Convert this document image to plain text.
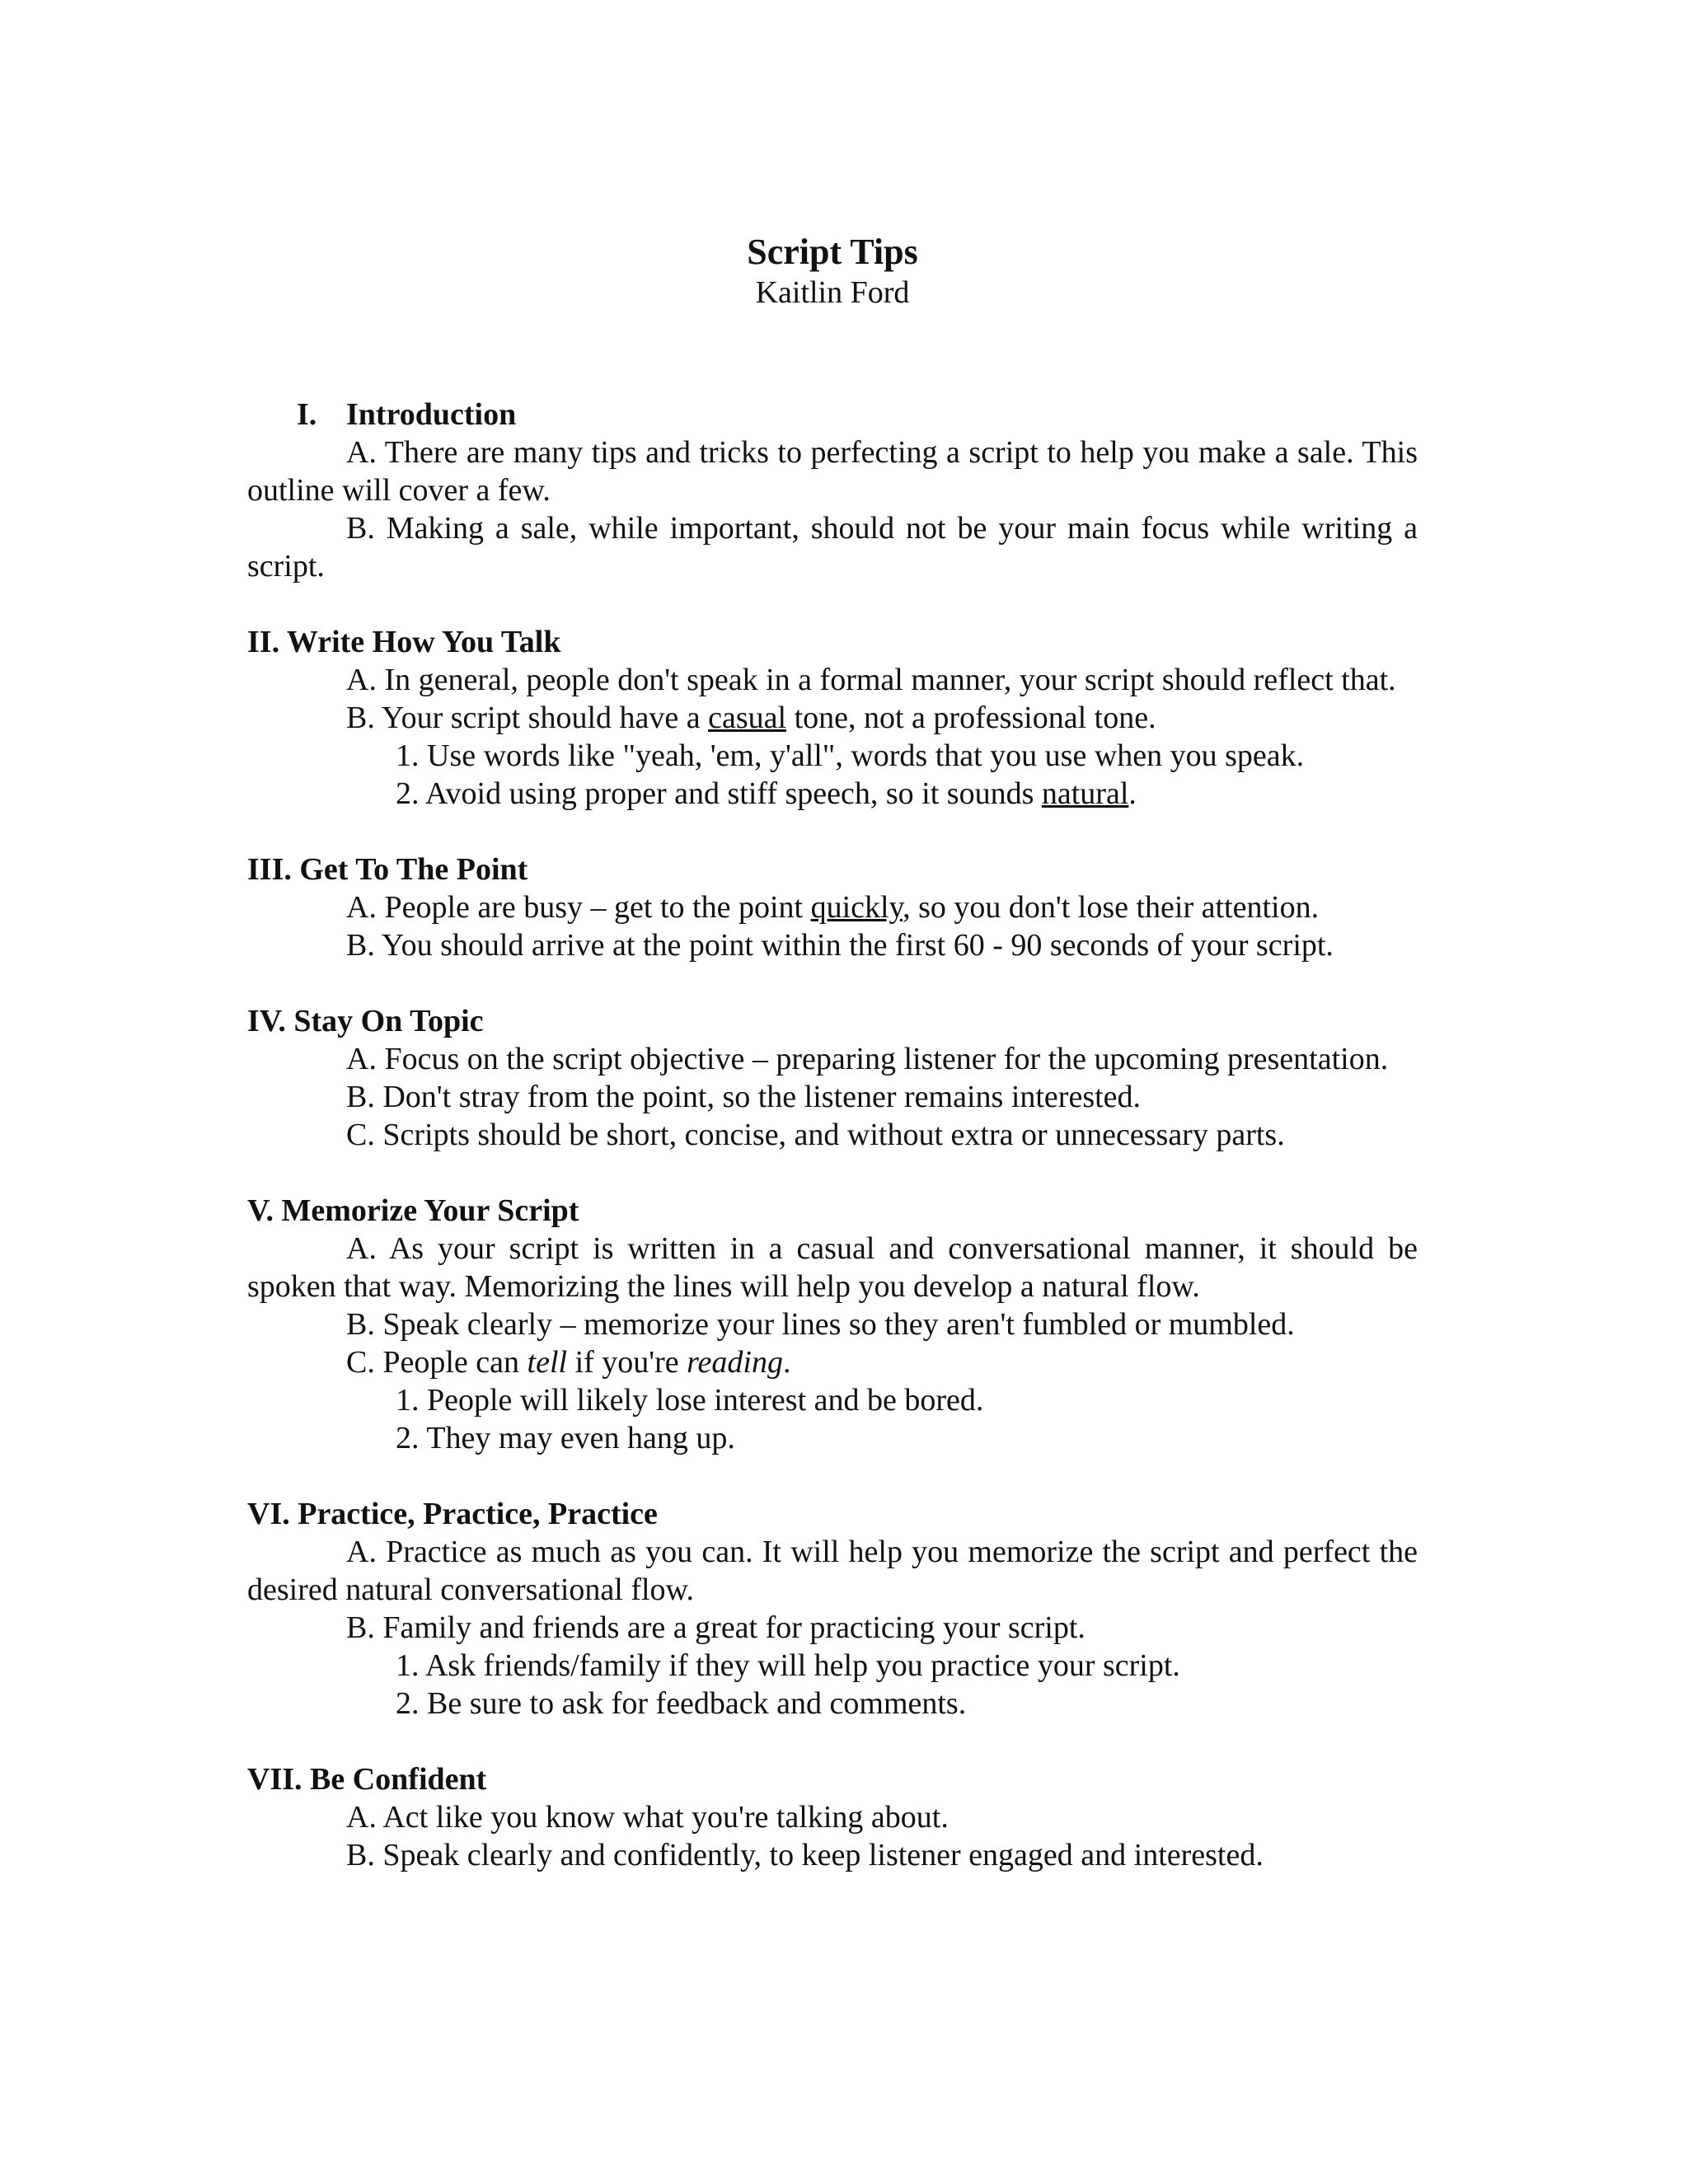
Script Tips
Kaitlin Ford
I. Introduction
A. There are many tips and tricks to perfecting a script to help you make a sale. This outline will cover a few.
B. Making a sale, while important, should not be your main focus while writing a script.
II. Write How You Talk
A. In general, people don't speak in a formal manner, your script should reflect that.
B. Your script should have a casual tone, not a professional tone.
1. Use words like "yeah, 'em, y'all", words that you use when you speak.
2. Avoid using proper and stiff speech, so it sounds natural.
III. Get To The Point
A. People are busy – get to the point quickly, so you don't lose their attention.
B. You should arrive at the point within the first 60 - 90 seconds of your script.
IV. Stay On Topic
A. Focus on the script objective – preparing listener for the upcoming presentation.
B. Don't stray from the point, so the listener remains interested.
C. Scripts should be short, concise, and without extra or unnecessary parts.
V. Memorize Your Script
A. As your script is written in a casual and conversational manner, it should be spoken that way. Memorizing the lines will help you develop a natural flow.
B. Speak clearly – memorize your lines so they aren't fumbled or mumbled.
C. People can tell if you're reading.
1. People will likely lose interest and be bored.
2. They may even hang up.
VI. Practice, Practice, Practice
A. Practice as much as you can. It will help you memorize the script and perfect the desired natural conversational flow.
B. Family and friends are a great for practicing your script.
1. Ask friends/family if they will help you practice your script.
2. Be sure to ask for feedback and comments.
VII. Be Confident
A. Act like you know what you're talking about.
B. Speak clearly and confidently, to keep listener engaged and interested.
